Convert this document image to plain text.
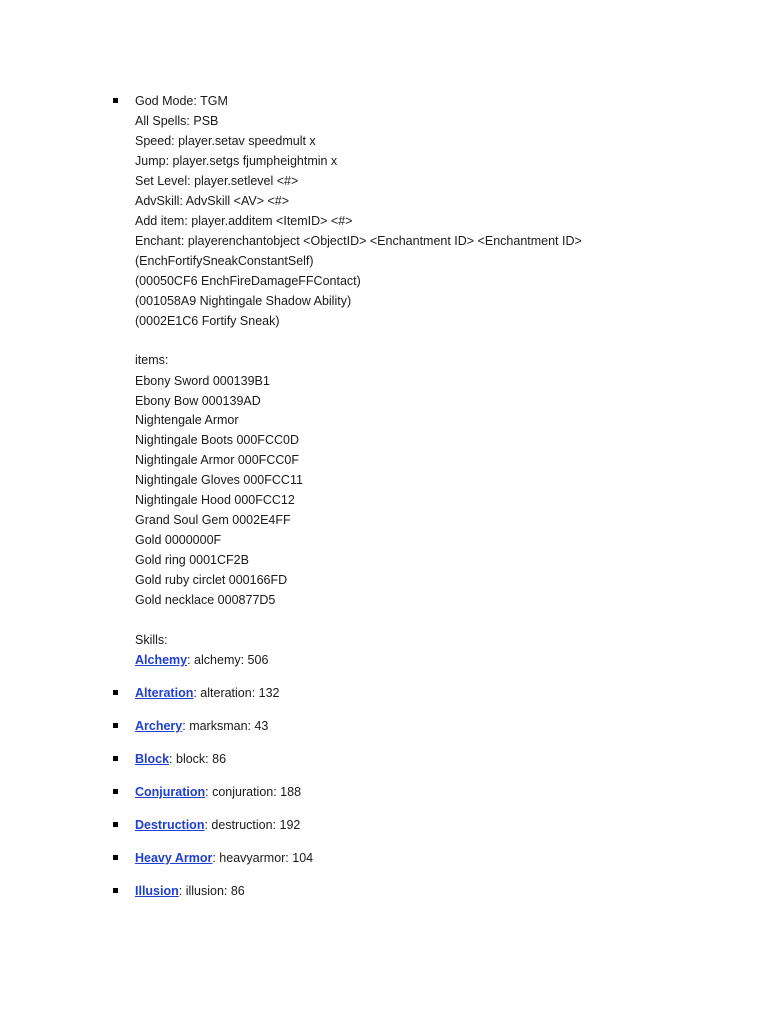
God Mode: TGM
All Spells: PSB
Speed: player.setav speedmult x
Jump: player.setgs fjumpheightmin x
Set Level: player.setlevel <#>
AdvSkill: AdvSkill <AV> <#>
Add item: player.additem <ItemID> <#>
Enchant: playerenchantobject <ObjectID> <Enchantment ID> <Enchantment ID>
(EnchFortifySneakConstantSelf)
(00050CF6 EnchFireDamageFFContact)
(001058A9 Nightingale Shadow Ability)
(0002E1C6 Fortify Sneak)
items:
Ebony Sword 000139B1
Ebony Bow 000139AD
Nightengale Armor
Nightingale Boots 000FCC0D
Nightingale Armor 000FCC0F
Nightingale Gloves 000FCC11
Nightingale Hood 000FCC12
Grand Soul Gem 0002E4FF
Gold 0000000F
Gold ring 0001CF2B
Gold ruby circlet 000166FD
Gold necklace 000877D5
Skills:
Alchemy: alchemy: 506
Alteration: alteration: 132
Archery: marksman: 43
Block: block: 86
Conjuration: conjuration: 188
Destruction: destruction: 192
Heavy Armor: heavyarmor: 104
Illusion: illusion: 86
